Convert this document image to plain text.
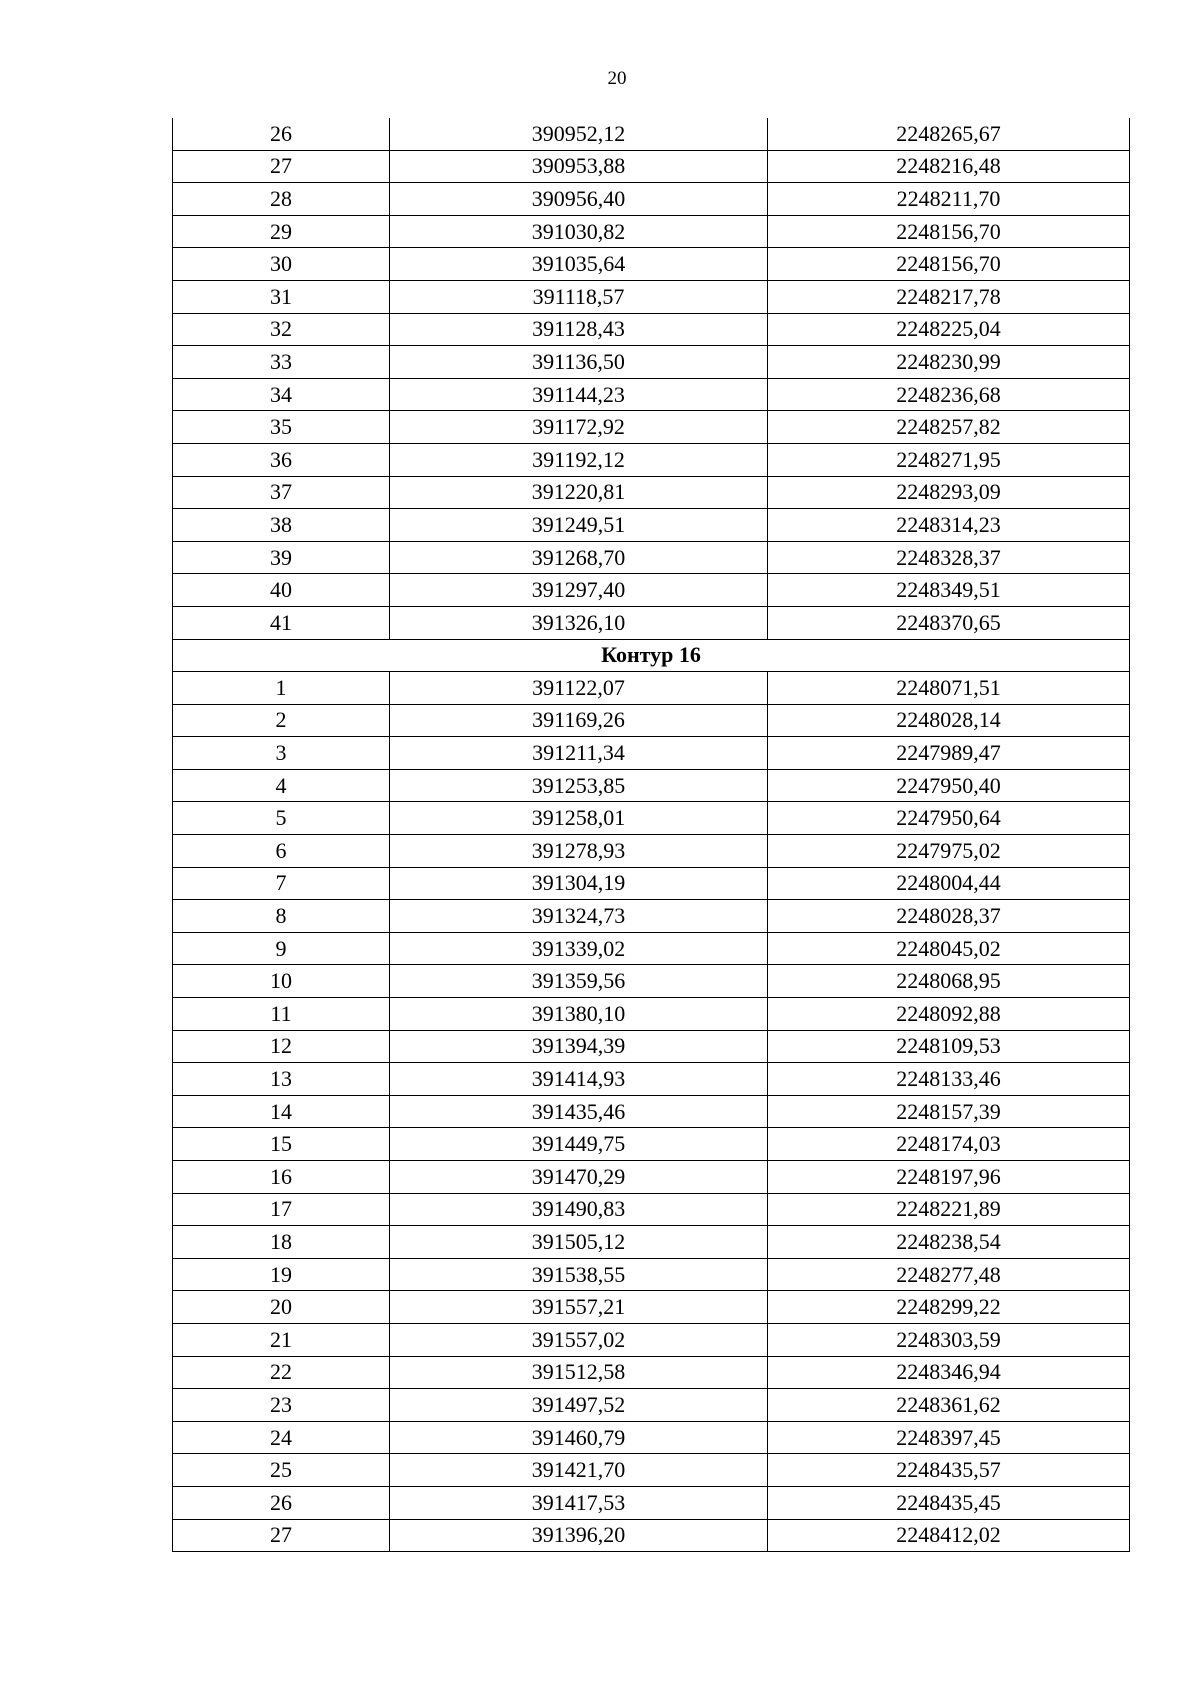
20
26	390952,12	2248265,67
27	390953,88	2248216,48
28	390956,40	2248211,70
29	391030,82	2248156,70
30	391035,64	2248156,70
31	391118,57	2248217,78
32	391128,43	2248225,04
33	391136,50	2248230,99
34	391144,23	2248236,68
35	391172,92	2248257,82
36	391192,12	2248271,95
37	391220,81	2248293,09
38	391249,51	2248314,23
39	391268,70	2248328,37
40	391297,40	2248349,51
41	391326,10	2248370,65
Контур 16		
1	391122,07	2248071,51
2	391169,26	2248028,14
3	391211,34	2247989,47
4	391253,85	2247950,40
5	391258,01	2247950,64
6	391278,93	2247975,02
7	391304,19	2248004,44
8	391324,73	2248028,37
9	391339,02	2248045,02
10	391359,56	2248068,95
11	391380,10	2248092,88
12	391394,39	2248109,53
13	391414,93	2248133,46
14	391435,46	2248157,39
15	391449,75	2248174,03
16	391470,29	2248197,96
17	391490,83	2248221,89
18	391505,12	2248238,54
19	391538,55	2248277,48
20	391557,21	2248299,22
21	391557,02	2248303,59
22	391512,58	2248346,94
23	391497,52	2248361,62
24	391460,79	2248397,45
25	391421,70	2248435,57
26	391417,53	2248435,45
27	391396,20	2248412,02
